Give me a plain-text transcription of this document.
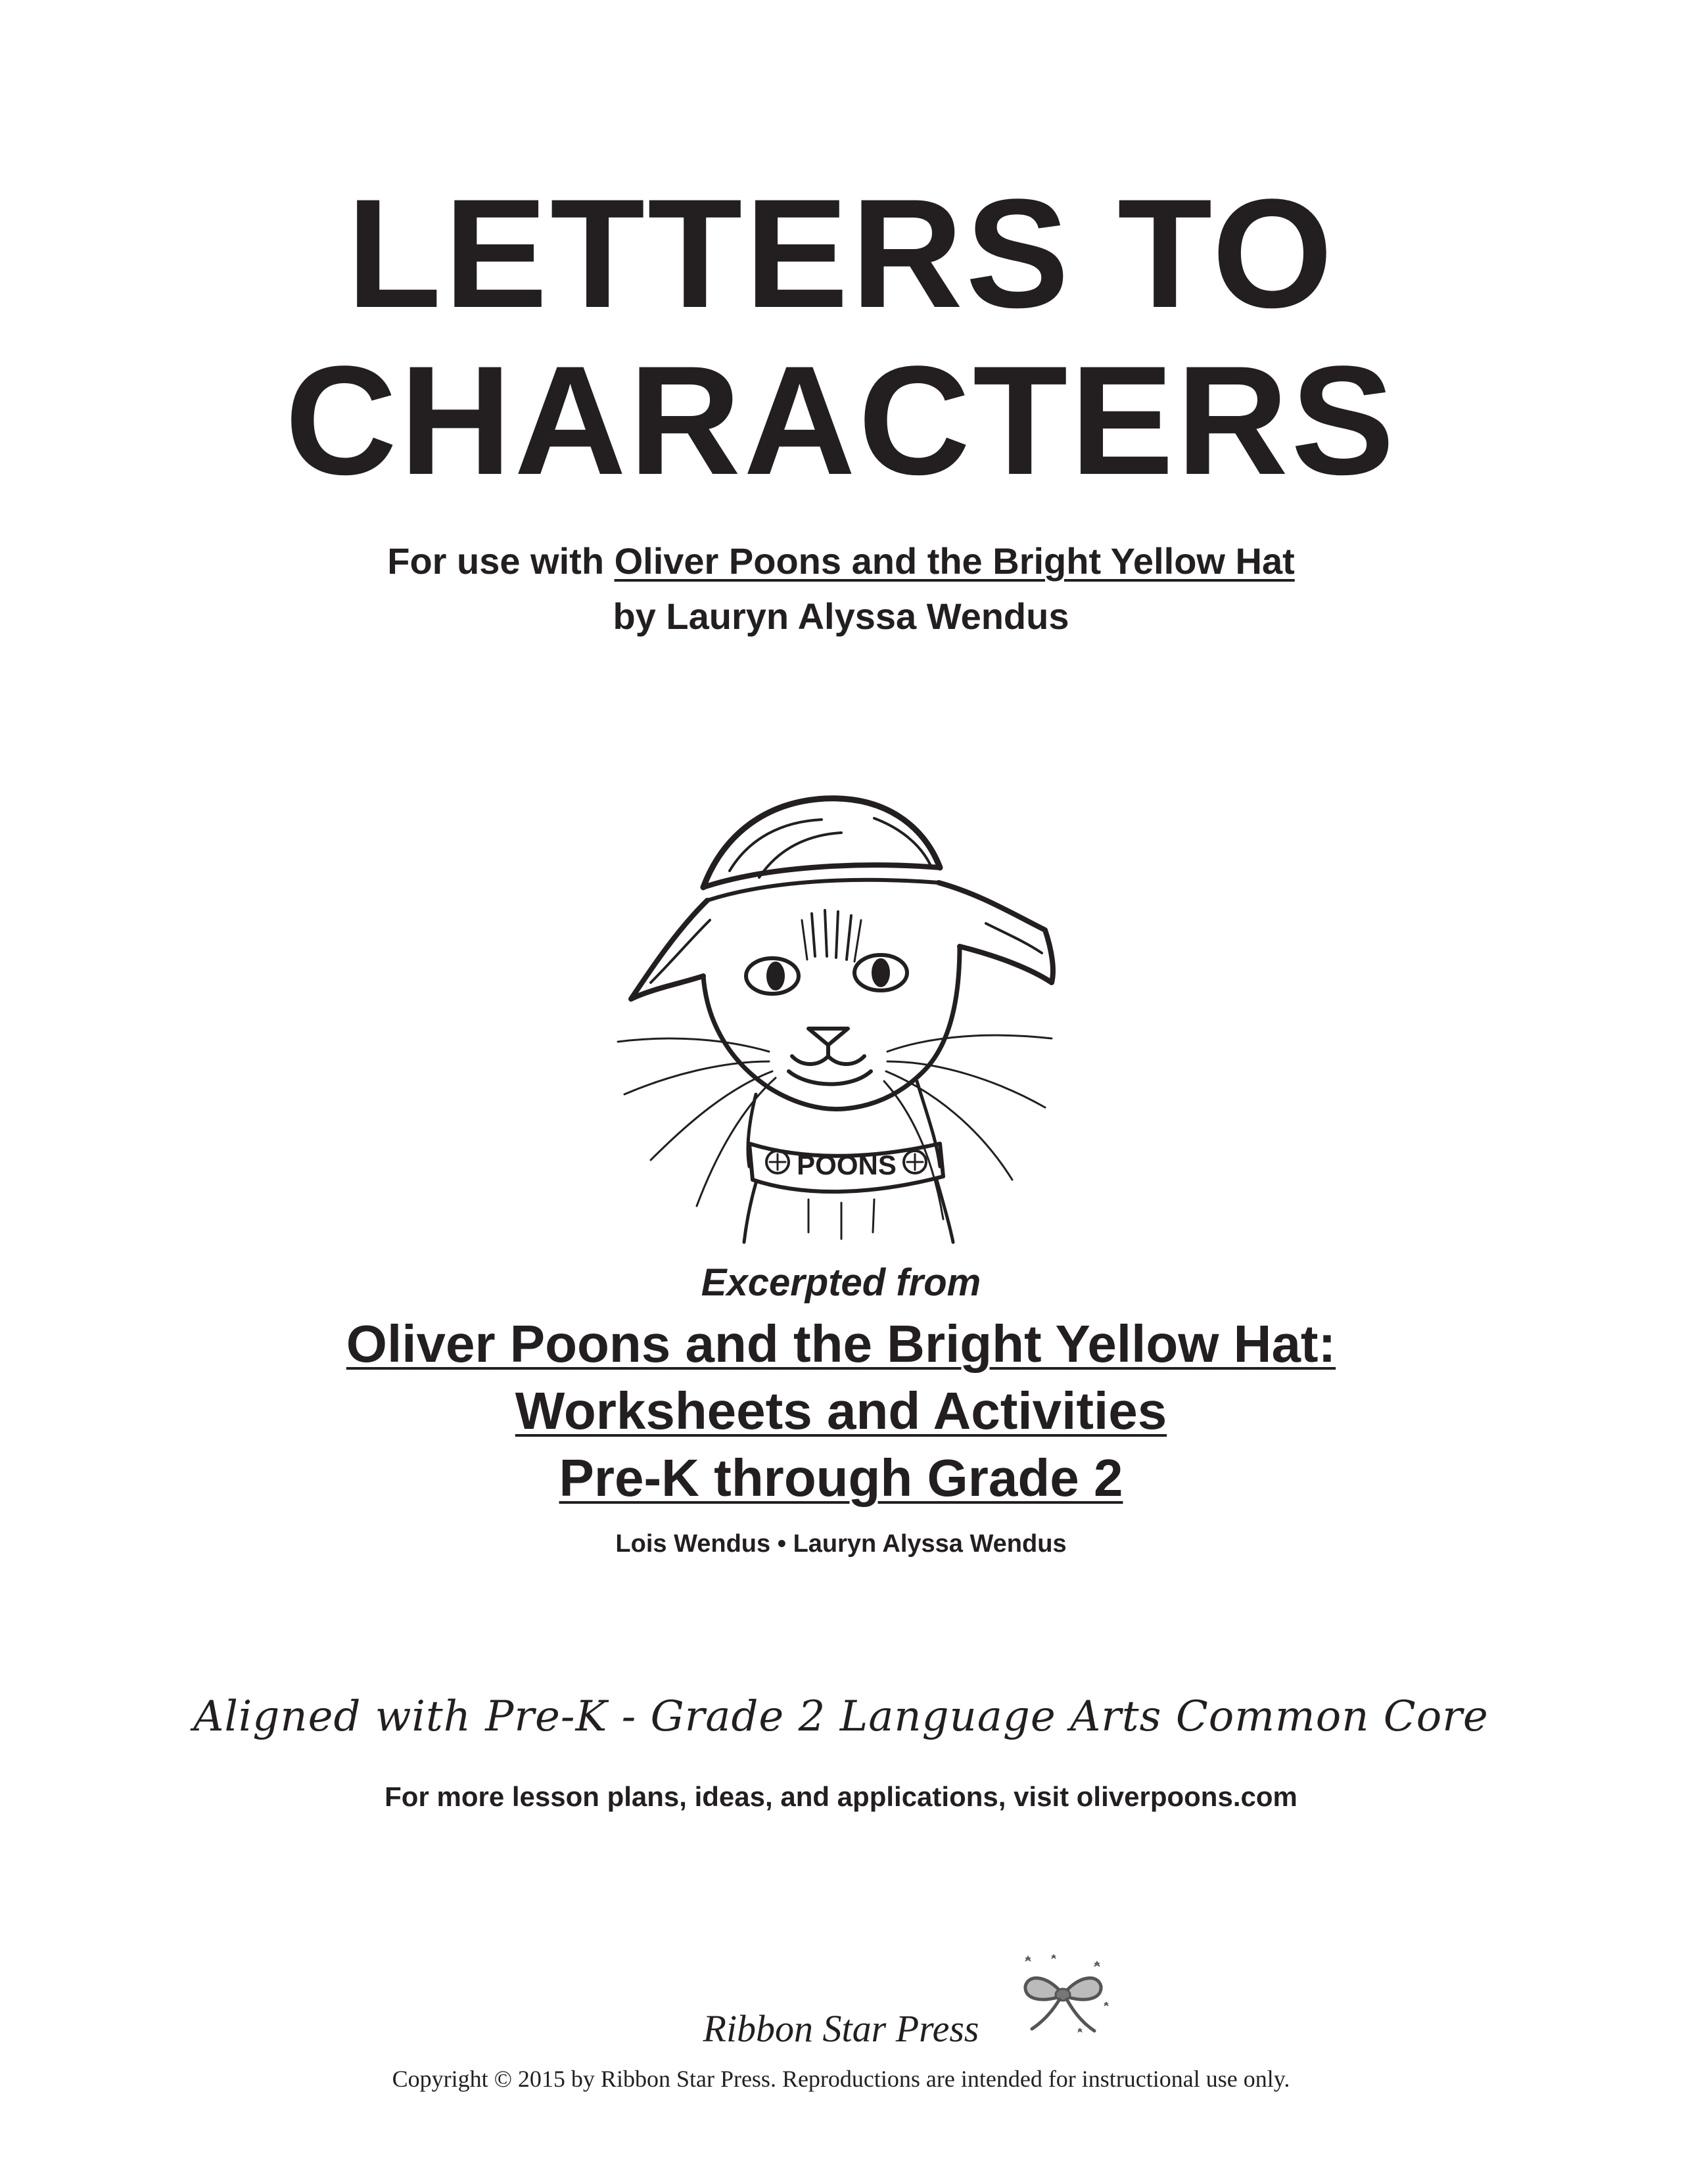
LETTERS TO
CHARACTERS
For use with Oliver Poons and the Bright Yellow Hat
by Lauryn Alyssa Wendus
POONS
Excerpted from
Oliver Poons and the Bright Yellow Hat:
Worksheets and Activities
Pre-K through Grade 2
Lois Wendus • Lauryn Alyssa Wendus
Aligned with Pre-K - Grade 2 Language Arts Common Core
For more lesson plans, ideas, and applications, visit oliverpoons.com
Ribbon Star Press
Copyright © 2015 by Ribbon Star Press. Reproductions are intended for instructional use only.
